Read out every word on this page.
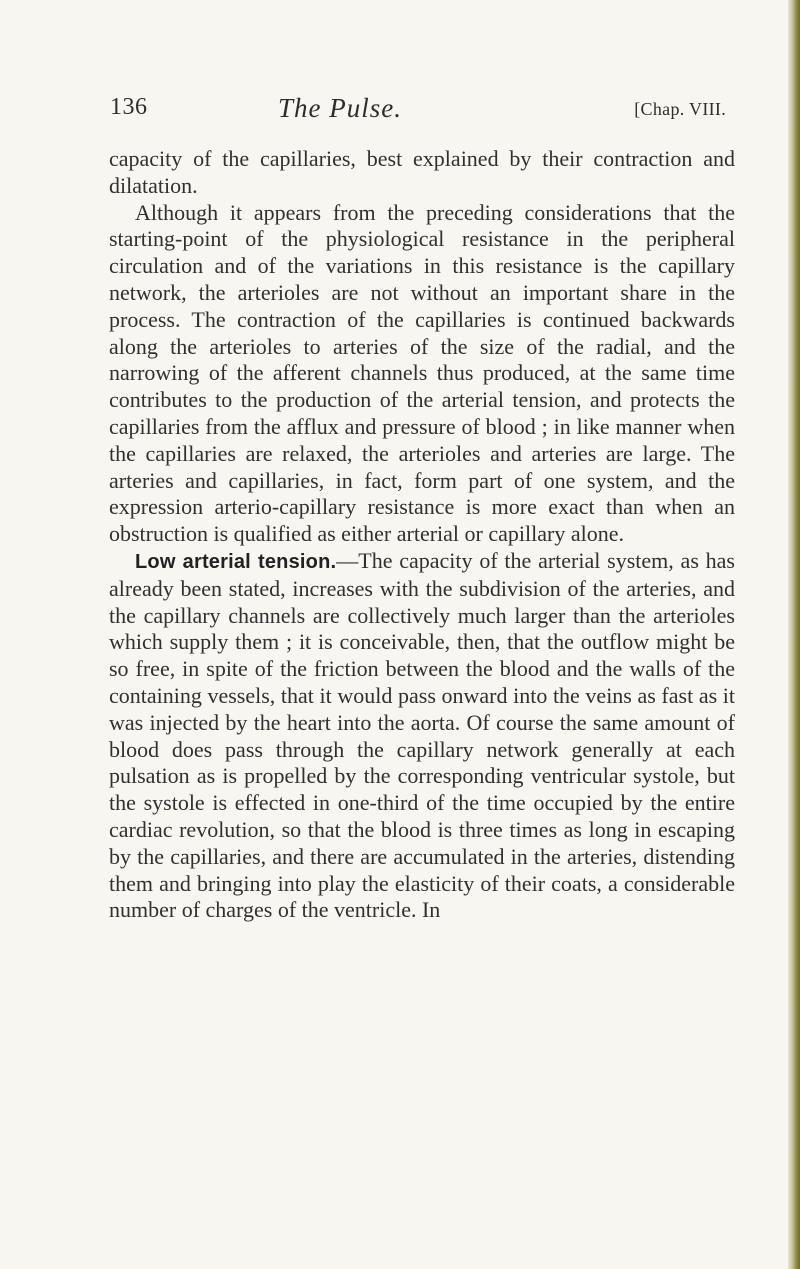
136	The Pulse.	[Chap. VIII.

capacity of the capillaries, best explained by their contraction and dilatation.

Although it appears from the preceding considerations that the starting-point of the physiological resistance in the peripheral circulation and of the variations in this resistance is the capillary network, the arterioles are not without an important share in the process. The contraction of the capillaries is continued backwards along the arterioles to arteries of the size of the radial, and the narrowing of the afferent channels thus produced, at the same time contributes to the production of the arterial tension, and protects the capillaries from the afflux and pressure of blood ; in like manner when the capillaries are relaxed, the arterioles and arteries are large. The arteries and capillaries, in fact, form part of one system, and the expression arterio-capillary resistance is more exact than when an obstruction is qualified as either arterial or capillary alone.

Low arterial tension.—The capacity of the arterial system, as has already been stated, increases with the subdivision of the arteries, and the capillary channels are collectively much larger than the arterioles which supply them ; it is conceivable, then, that the outflow might be so free, in spite of the friction between the blood and the walls of the containing vessels, that it would pass onward into the veins as fast as it was injected by the heart into the aorta. Of course the same amount of blood does pass through the capillary network generally at each pulsation as is propelled by the corresponding ventricular systole, but the systole is effected in one-third of the time occupied by the entire cardiac revolution, so that the blood is three times as long in escaping by the capillaries, and there are accumulated in the arteries, distending them and bringing into play the elasticity of their coats, a considerable number of charges of the ventricle. In
